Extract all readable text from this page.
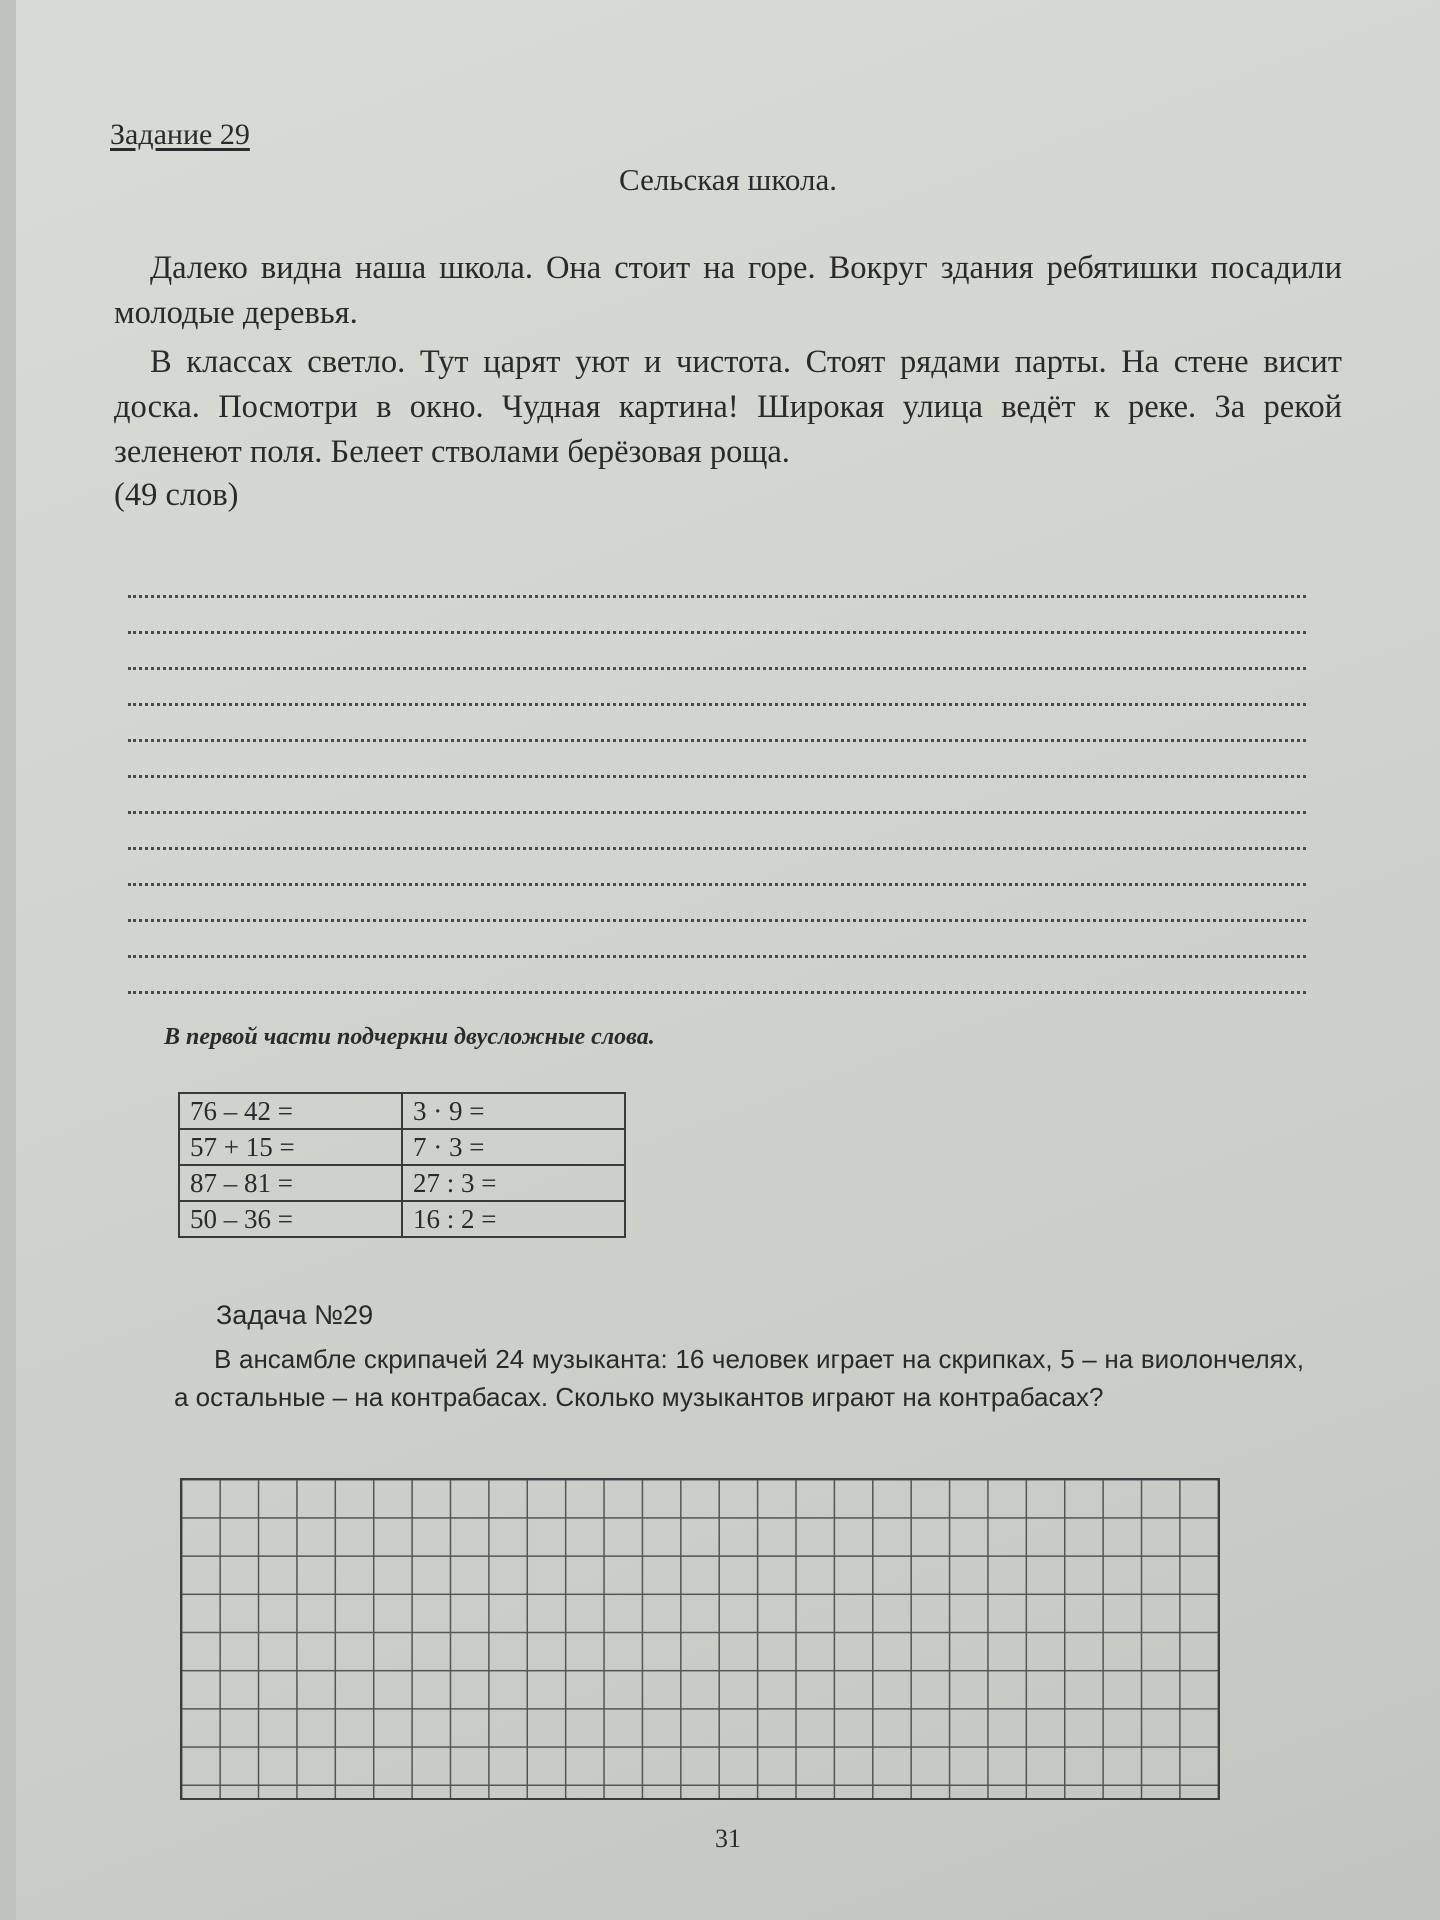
Задание 29
Сельская школа.

Далеко видна наша школа. Она стоит на горе. Вокруг здания ребятишки посадили молодые деревья.

В классах светло. Тут царят уют и чистота. Стоят рядами парты. На стене висит доска. Посмотри в окно. Чудная картина! Широкая улица ведёт к реке. За рекой зеленеют поля. Белеет стволами берёзовая роща.

(49 слов)

В первой части подчеркни двусложные слова.
76 – 42 =	3 · 9 =
57 + 15 =	7 · 3 =
87 – 81 =	27 : 3 =
50 – 36 =	16 : 2 =
Задача №29
В ансамбле скрипачей 24 музыканта: 16 человек играет на скрипках, 5 – на виолончелях, а остальные – на контрабасах. Сколько музыкантов играют на контрабасах?
31
